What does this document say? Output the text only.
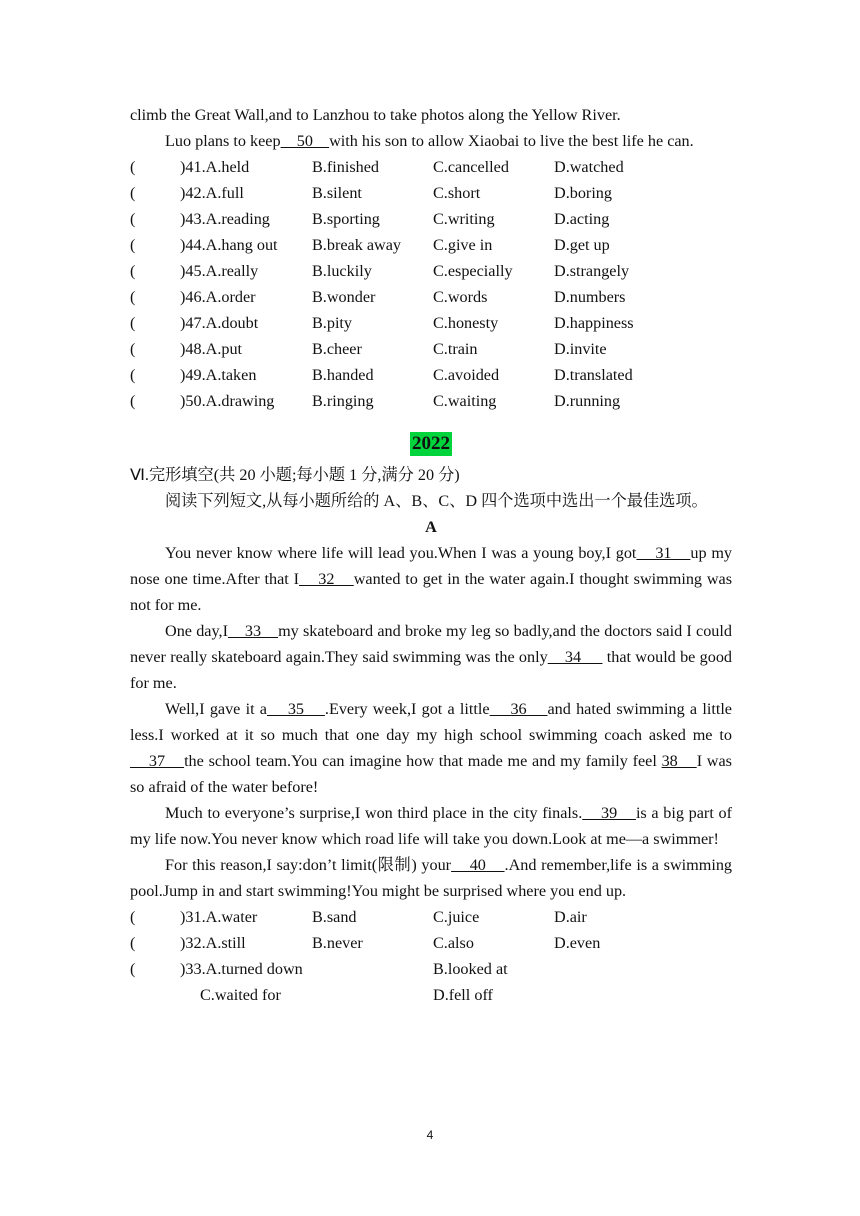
climb the Great Wall,and to Lanzhou to take photos along the Yellow River.

Luo plans to keep    50    with his son to allow Xiaobai to live the best life he can.

(	)41.A.held	B.finished	C.cancelled	D.watched
(	)42.A.full	B.silent	C.short	D.boring
(	)43.A.reading	B.sporting	C.writing	D.acting
(	)44.A.hang out	B.break away	C.give in	D.get up
(	)45.A.really	B.luckily	C.especially	D.strangely
(	)46.A.order	B.wonder	C.words	D.numbers
(	)47.A.doubt	B.pity	C.honesty	D.happiness
(	)48.A.put	B.cheer	C.train	D.invite
(	)49.A.taken	B.handed	C.avoided	D.translated
(	)50.A.drawing	B.ringing	C.waiting	D.running
2022

Ⅵ.完形填空(共 20 小题;每小题 1 分,满分 20 分)

阅读下列短文,从每小题所给的 A、B、C、D 四个选项中选出一个最佳选项。

A

You never know where life will lead you.When I was a young boy,I got    31    up my nose one time.After that I    32    wanted to get in the water again.I thought swimming was not for me.

One day,I    33    my skateboard and broke my leg so badly,and the doctors said I could never really skateboard again.They said swimming was the only    34      that would be good for me.

Well,I gave it a    35    .Every week,I got a little    36    and hated swimming a little less.I worked at it so much that one day my high school swimming coach asked me to    37    the school team.You can imagine how that made me and my family feel 38    I was so afraid of the water before!

Much to everyone’s surprise,I won third place in the city finals.    39    is a big part of my life now.You never know which road life will take you down.Look at me—a swimmer!

For this reason,I say:don’t limit(限制) your    40    .And remember,life is a swimming pool.Jump in and start swimming!You might be surprised where you end up.

(	)31.A.water	B.sand	C.juice	D.air
(	)32.A.still	B.never	C.also	D.even
(	)33.A.turned down	B.looked at
C.waited for	D.fell off
4
